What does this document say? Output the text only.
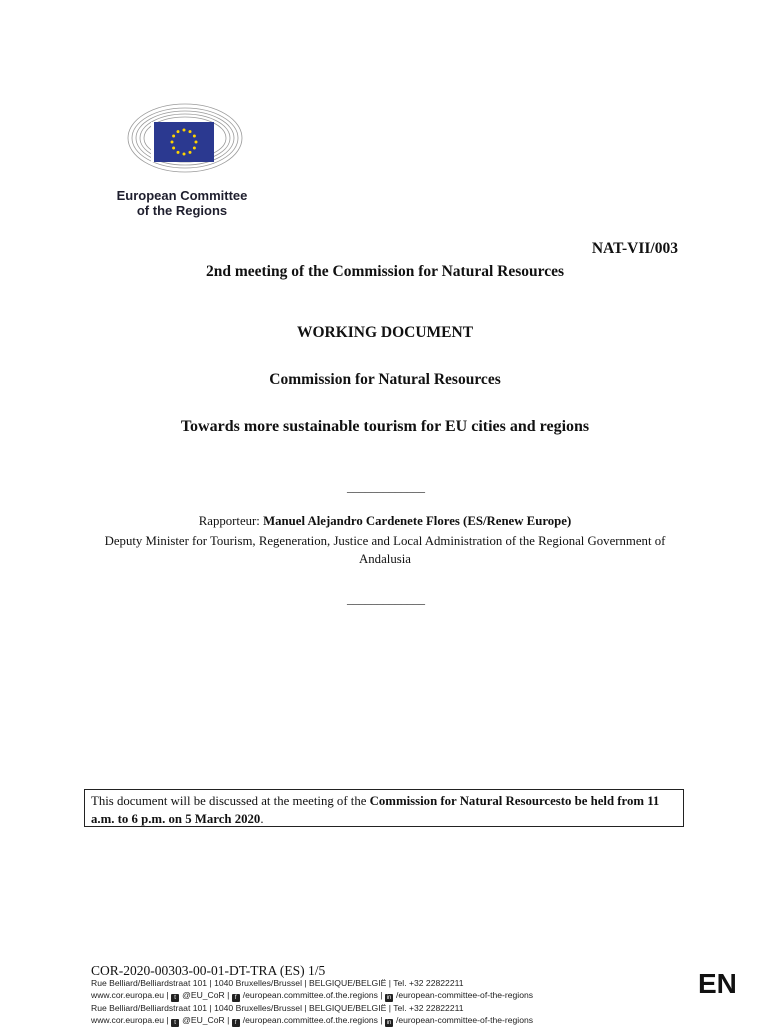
European Committee
of the Regions
NAT-VII/003
2nd meeting of the Commission for Natural Resources
WORKING DOCUMENT
Commission for Natural Resources
Towards more sustainable tourism for EU cities and regions
_____________
Rapporteur: Manuel Alejandro Cardenete Flores (ES/Renew Europe)
Deputy Minister for Tourism, Regeneration, Justice and Local Administration of the Regional Government of Andalusia
_____________
This document will be discussed at the meeting of the Commission for Natural Resourcesto be held from 11 a.m. to 6 p.m. on 5 March 2020.
COR-2020-00303-00-01-DT-TRA (ES) 1/5
Rue Belliard/Belliardstraat 101 | 1040 Bruxelles/Brussel | BELGIQUE/BELGIË | Tel. +32 22822211
www.cor.europa.eu | t @EU_CoR | f /european.committee.of.the.regions | in /european-committee-of-the-regions
Rue Belliard/Belliardstraat 101 | 1040 Bruxelles/Brussel | BELGIQUE/BELGIË | Tel. +32 22822211
www.cor.europa.eu | t @EU_CoR | f /european.committee.of.the.regions | in /european-committee-of-the-regions
EN
